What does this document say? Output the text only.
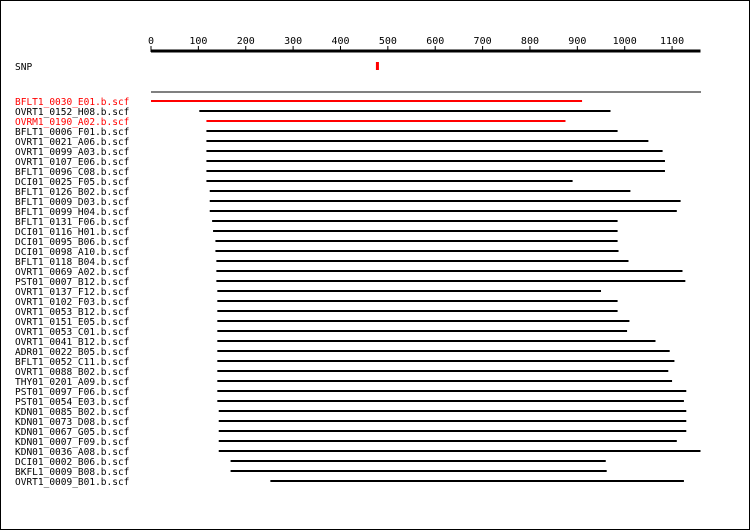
0	100	200	300	400	500	600	700	800	900	1000 1100
SNP
BFLT1_0030_E01.b.scf
OVRT1_0152_H08.b.scf
OVRM1_0190_A02.b.scf
BFLT1_0006_F01.b.scf
OVRT1_0021_A06.b.scf
OVRT1_0099_A03.b.scf
OVRT1_0107_E06.b.scf
BFLT1_0096_C08.b.scf
DCI01_0025_F05.b.scf
BFLT1_0126_B02.b.scf
BFLT1_0009_D03.b.scf
BFLT1_0099_H04.b.scf
BFLT1_0131_F06.b.scf
DCI01_0116_H01.b.scf
DCI01_0095_B06.b.scf
DCI01_0098_A10.b.scf
BFLT1_0118_B04.b.scf
OVRT1_0069_A02.b.scf
PST01_0007_B12.b.scf
OVRT1_0137_F12.b.scf
OVRT1_0102_F03.b.scf
OVRT1_0053_B12.b.scf
OVRT1_0151_E05.b.scf
OVRT1_0053_C01.b.scf
OVRT1_0041_B12.b.scf
ADR01_0022_B05.b.scf
BFLT1_0052_C11.b.scf
OVRT1_0088_B02.b.scf
THY01_0201_A09.b.scf
PST01_0097_F06.b.scf
PST01_0054_E03.b.scf
KDN01_0085_B02.b.scf
KDN01_0073_D08.b.scf
KDN01_0067_G05.b.scf
KDN01_0007_F09.b.scf
KDN01_0036_A08.b.scf
DCI01_0002_B06.b.scf
BKFL1_0009_B08.b.scf
OVRT1_0009_B01.b.scf
